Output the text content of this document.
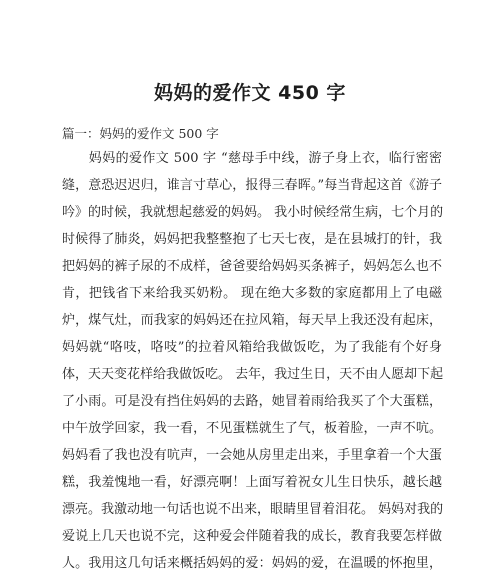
妈妈的爱作文 450 字
篇一：妈妈的爱作文 500 字
　　妈妈的爱作文 500 字 “慈母手中线，游子身上衣，临行密密
缝，意恐迟迟归，谁言寸草心，报得三春晖。”每当背起这首《游子
吟》的时候，我就想起慈爱的妈妈。 我小时候经常生病，七个月的
时候得了肺炎，妈妈把我整整抱了七天七夜，是在县城打的针，我
把妈妈的裤子尿的不成样，爸爸要给妈妈买条裤子，妈妈怎么也不
肯，把钱省下来给我买奶粉。 现在绝大多数的家庭都用上了电磁
炉，煤气灶，而我家的妈妈还在拉风箱，每天早上我还没有起床，
妈妈就“咯吱，咯吱”的拉着风箱给我做饭吃，为了我能有个好身
体，天天变花样给我做饭吃。 去年，我过生日，天不由人愿却下起
了小雨。可是没有挡住妈妈的去路，她冒着雨给我买了个大蛋糕，
中午放学回家，我一看，不见蛋糕就生了气，板着脸，一声不吭。
妈妈看了我也没有吭声，一会她从房里走出来，手里拿着一个大蛋
糕，我羞愧地一看，好漂亮啊！上面写着祝女儿生日快乐，越长越
漂亮。我激动地一句话也说不出来，眼睛里冒着泪花。 妈妈对我的
爱说上几天也说不完，这种爱会伴随着我的成长，教育我要怎样做
人。我用这几句话来概括妈妈的爱：妈妈的爱，在温暖的怀抱里，
